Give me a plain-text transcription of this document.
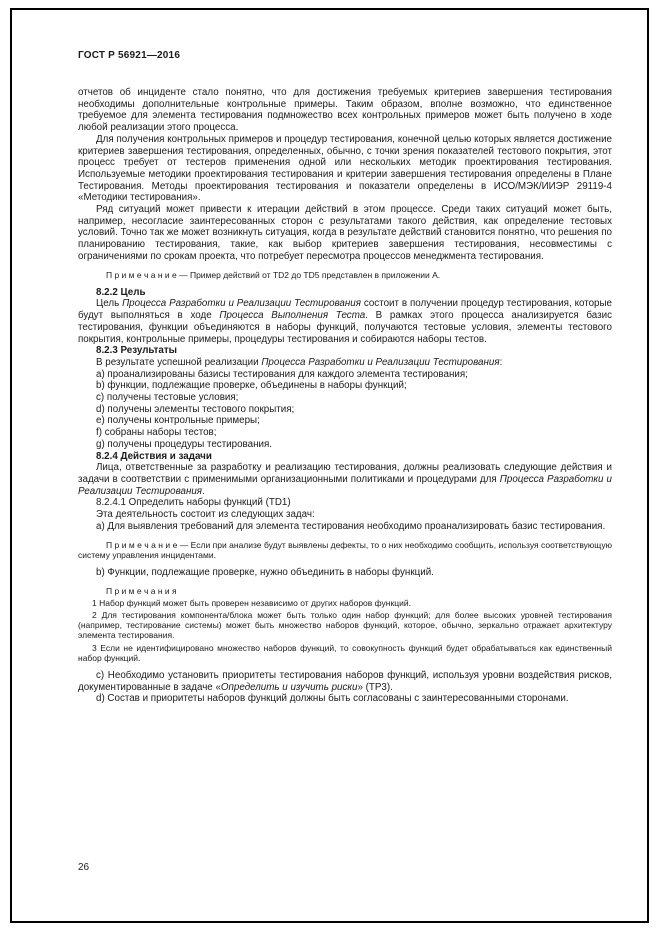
ГОСТ Р 56921—2016

отчетов об инциденте стало понятно, что для достижения требуемых критериев завершения тестирования необходимы дополнительные контрольные примеры. Таким образом, вполне возможно, что единственное требуемое для элемента тестирования подмножество всех контрольных примеров может быть получено в ходе любой реализации этого процесса.

Для получения контрольных примеров и процедур тестирования, конечной целью которых является достижение критериев завершения тестирования, определенных, обычно, с точки зрения показателей тестового покрытия, этот процесс требует от тестеров применения одной или нескольких методик проектирования тестирования. Используемые методики проектирования тестирования и критерии завершения тестирования определены в Плане Тестирования. Методы проектирования тестирования и показатели определены в ИСО/МЭК/ИИЭР 29119-4 «Методики тестирования».

Ряд ситуаций может привести к итерации действий в этом процессе. Среди таких ситуаций может быть, например, несогласие заинтересованных сторон с результатами такого действия, как определение тестовых условий. Точно так же может возникнуть ситуация, когда в результате действий становится понятно, что решения по планированию тестирования, такие, как выбор критериев завершения тестирования, несовместимы с ограничениями по срокам проекта, что потребует пересмотра процессов менеджмента тестирования.

П р и м е ч а н и е — Пример действий от TD2 до TD5 представлен в приложении А.

8.2.2 Цель

Цель Процесса Разработки и Реализации Тестирования состоит в получении процедур тестирования, которые будут выполняться в ходе Процесса Выполнения Теста. В рамках этого процесса анализируется базис тестирования, функции объединяются в наборы функций, получаются тестовые условия, элементы тестового покрытия, контрольные примеры, процедуры тестирования и собираются наборы тестов.

8.2.3 Результаты

В результате успешной реализации Процесса Разработки и Реализации Тестирования:

a) проанализированы базисы тестирования для каждого элемента тестирования;

b) функции, подлежащие проверке, объединены в наборы функций;

c) получены тестовые условия;

d) получены элементы тестового покрытия;

e) получены контрольные примеры;

f) собраны наборы тестов;

g) получены процедуры тестирования.

8.2.4 Действия и задачи

Лица, ответственные за разработку и реализацию тестирования, должны реализовать следующие действия и задачи в соответствии с применимыми организационными политиками и процедурами для Процесса Разработки и Реализации Тестирования.

8.2.4.1 Определить наборы функций (TD1)

Эта деятельность состоит из следующих задач:

a) Для выявления требований для элемента тестирования необходимо проанализировать базис тестирования.

П р и м е ч а н и е — Если при анализе будут выявлены дефекты, то о них необходимо сообщить, используя соответствующую систему управления инцидентами.

b) Функции, подлежащие проверке, нужно объединить в наборы функций.

П р и м е ч а н и я

1 Набор функций может быть проверен независимо от других наборов функций.

2 Для тестирования компонента/блока может быть только один набор функций; для более высоких уровней тестирования (например, тестирование системы) может быть множество наборов функций, которое, обычно, зеркально отражает архитектуру элемента тестирования.

3 Если не идентифицировано множество наборов функций, то совокупность функций будет обрабатываться как единственный набор функций.

c) Необходимо установить приоритеты тестирования наборов функций, используя уровни воздействия рисков, документированные в задаче «Определить и изучить риски» (ТР3).

d) Состав и приоритеты наборов функций должны быть согласованы с заинтересованными сторонами.

26
